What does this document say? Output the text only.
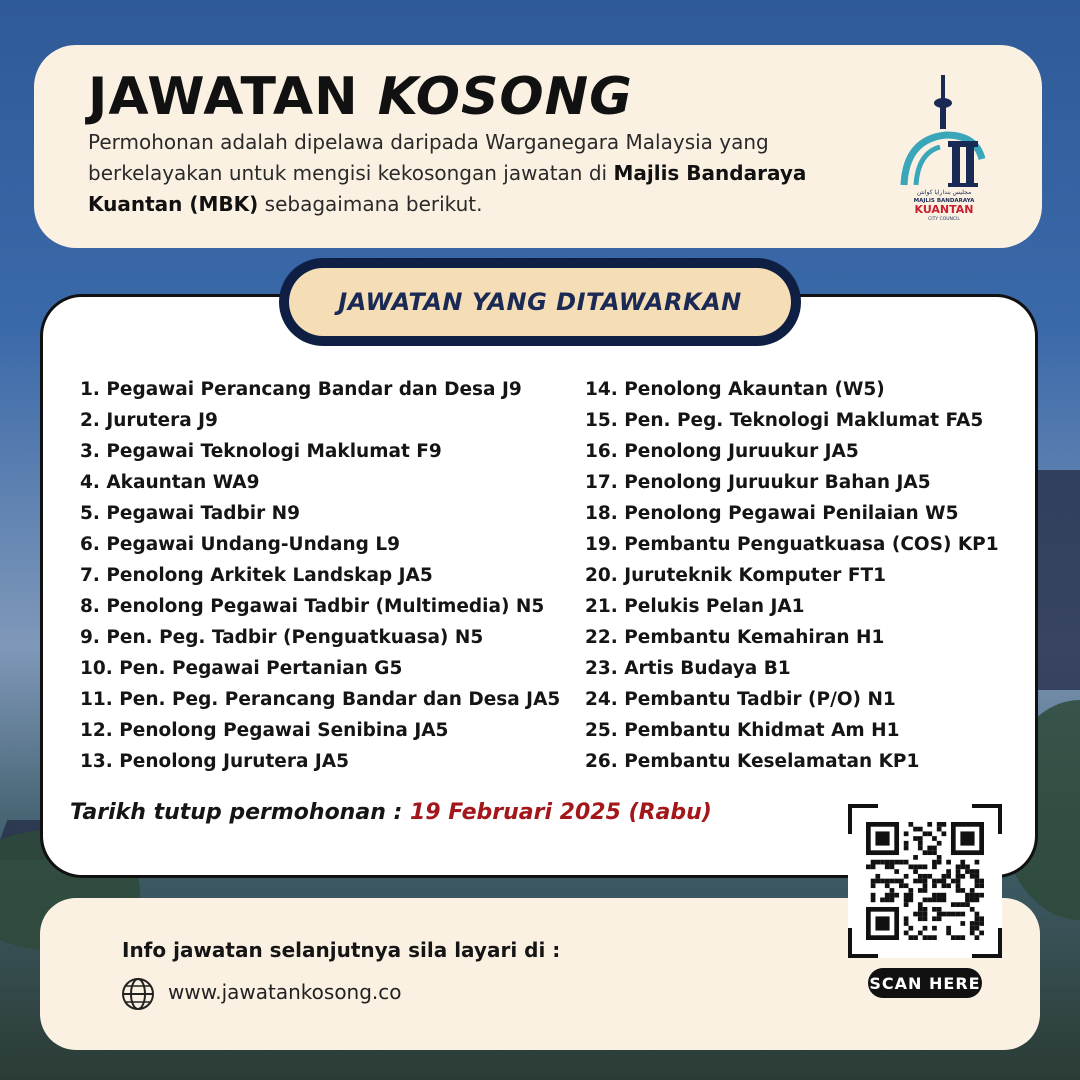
JAWATAN KOSONG

Permohonan adalah dipelawa daripada Warganegara Malaysia yang berkelayakan untuk mengisi kekosongan jawatan di Majlis Bandaraya Kuantan (MBK) sebagaimana berikut.	مجليس بندارايا كوانتن
MAJLIS BANDARAYA
KUANTAN
CITY COUNCIL
JAWATAN YANG DITAWARKAN
1. Pegawai Perancang Bandar dan Desa J9
2. Jurutera J9
3. Pegawai Teknologi Maklumat F9
4. Akauntan WA9
5. Pegawai Tadbir N9
6. Pegawai Undang-Undang L9
7. Penolong Arkitek Landskap JA5
8. Penolong Pegawai Tadbir (Multimedia) N5
9. Pen. Peg. Tadbir (Penguatkuasa) N5
10. Pen. Pegawai Pertanian G5
11. Pen. Peg. Perancang Bandar dan Desa JA5
12. Penolong Pegawai Senibina JA5
13. Penolong Jurutera JA5
14. Penolong Akauntan (W5)
15. Pen. Peg. Teknologi Maklumat FA5
16. Penolong Juruukur JA5
17. Penolong Juruukur Bahan JA5
18. Penolong Pegawai Penilaian W5
19. Pembantu Penguatkuasa (COS) KP1
20. Juruteknik Komputer FT1
21. Pelukis Pelan JA1
22. Pembantu Kemahiran H1
23. Artis Budaya B1
24. Pembantu Tadbir (P/O) N1
25. Pembantu Khidmat Am H1
26. Pembantu Keselamatan KP1

Tarikh tutup permohonan : 19 Februari 2025 (Rabu)

Info jawatan selanjutnya sila layari di :

www.jawatankosong.co	SCAN HERE
